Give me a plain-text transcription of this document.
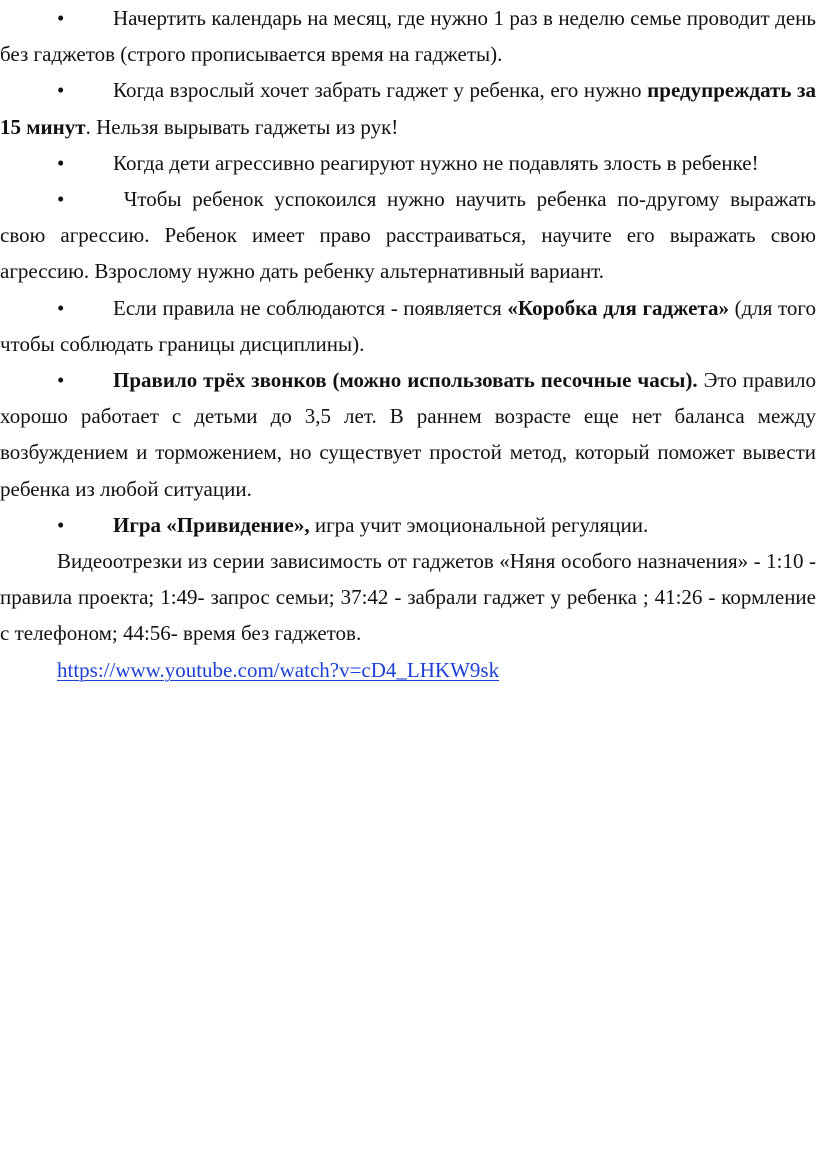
• Начертить календарь на месяц, где нужно 1 раз в неделю семье проводит день без гаджетов (строго прописывается время на гаджеты).

• Когда взрослый хочет забрать гаджет у ребенка, его нужно предупреждать за 15 минут. Нельзя вырывать гаджеты из рук!

• Когда дети агрессивно реагируют нужно не подавлять злость в ребенке!

• Чтобы ребенок успокоился нужно научить ребенка по-другому выражать свою агрессию. Ребенок имеет право расстраиваться, научите его выражать свою агрессию. Взрослому нужно дать ребенку альтернативный вариант.

• Если правила не соблюдаются - появляется «Коробка для гаджета» (для того чтобы соблюдать границы дисциплины).

• Правило трёх звонков (можно использовать песочные часы). Это правило хорошо работает с детьми до 3,5 лет. В раннем возрасте еще нет баланса между возбуждением и торможением, но существует простой метод, который поможет вывести ребенка из любой ситуации.

• Игра «Привидение», игра учит эмоциональной регуляции.

Видеоотрезки из серии зависимость от гаджетов «Няня особого назначения» - 1:10 - правила проекта; 1:49- запрос семьи; 37:42 - забрали гаджет у ребенка ; 41:26 - кормление с телефоном; 44:56- время без гаджетов.

https://www.youtube.com/watch?v=cD4_LHKW9sk
